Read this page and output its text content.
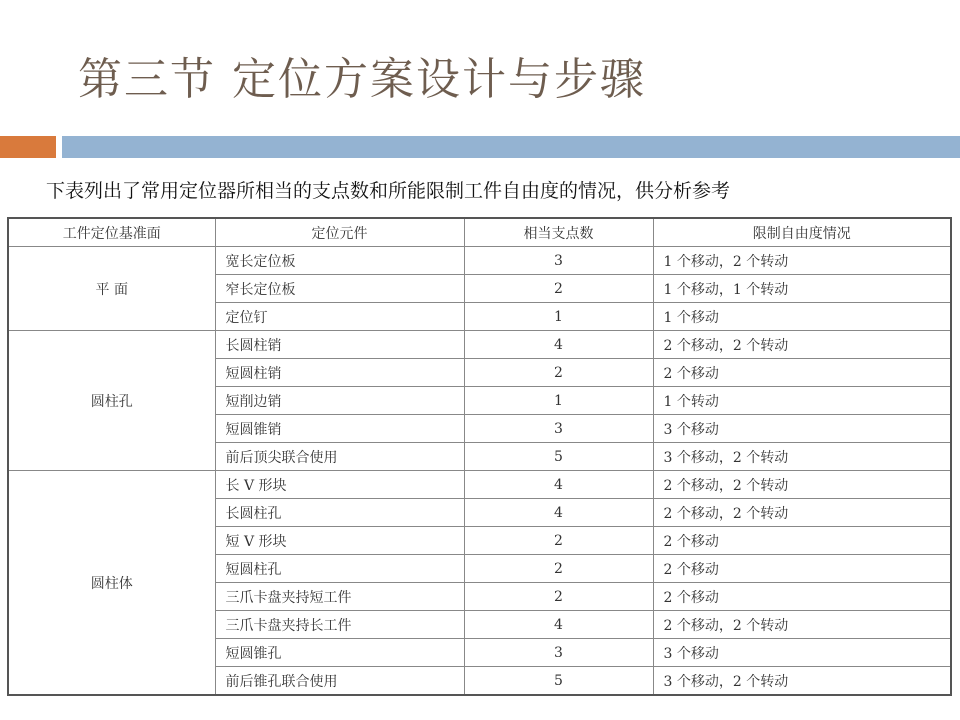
第三节 定位方案设计与步骤
下表列出了常用定位器所相当的支点数和所能限制工件自由度的情况，供分析参考
工件定位基准面	定位元件	相当支点数	限制自由度情况
平 面	宽长定位板	3	1 个移动，2 个转动
	窄长定位板	2	1 个移动，1 个转动
	定位钉	1	1 个移动
圆柱孔	长圆柱销	4	2 个移动，2 个转动
	短圆柱销	2	2 个移动
	短削边销	1	1 个转动
	短圆锥销	3	3 个移动
	前后顶尖联合使用	5	3 个移动，2 个转动
圆柱体	长 V 形块	4	2 个移动，2 个转动
	长圆柱孔	4	2 个移动，2 个转动
	短 V 形块	2	2 个移动
	短圆柱孔	2	2 个移动
	三爪卡盘夹持短工件	2	2 个移动
	三爪卡盘夹持长工件	4	2 个移动，2 个转动
	短圆锥孔	3	3 个移动
	前后锥孔联合使用	5	3 个移动，2 个转动
